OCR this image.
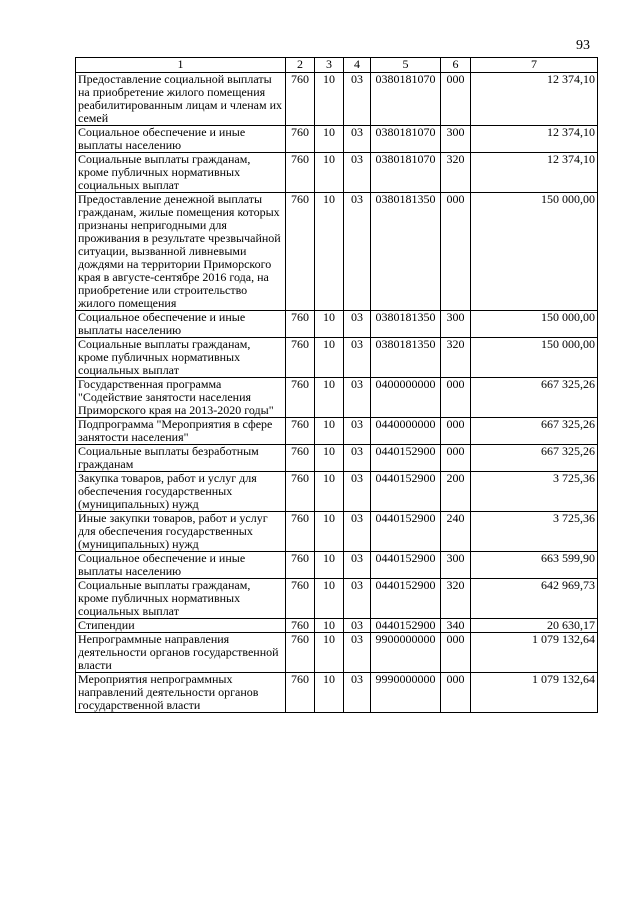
93
1	2	3	4	5	6	7
Предоставление социальной выплаты на приобретение жилого помещения реабилитированным лицам и членам их семей	760	10	03	0380181070	000	12 374,10
Социальное обеспечение и иные выплаты населению	760	10	03	0380181070	300	12 374,10
Социальные выплаты гражданам, кроме публичных нормативных социальных выплат	760	10	03	0380181070	320	12 374,10
Предоставление денежной выплаты гражданам, жилые помещения которых признаны непригодными для проживания в результате чрезвычайной ситуации, вызванной ливневыми дождями на территории Приморского края в августе-сентябре 2016 года, на приобретение или строительство жилого помещения	760	10	03	0380181350	000	150 000,00
Социальное обеспечение и иные выплаты населению	760	10	03	0380181350	300	150 000,00
Социальные выплаты гражданам, кроме публичных нормативных социальных выплат	760	10	03	0380181350	320	150 000,00
Государственная программа "Содействие занятости населения Приморского края на 2013-2020 годы"	760	10	03	0400000000	000	667 325,26
Подпрограмма "Мероприятия в сфере занятости населения"	760	10	03	0440000000	000	667 325,26
Социальные выплаты безработным гражданам	760	10	03	0440152900	000	667 325,26
Закупка товаров, работ и услуг для обеспечения государственных (муниципальных) нужд	760	10	03	0440152900	200	3 725,36
Иные закупки товаров, работ и услуг для обеспечения государственных (муниципальных) нужд	760	10	03	0440152900	240	3 725,36
Социальное обеспечение и иные выплаты населению	760	10	03	0440152900	300	663 599,90
Социальные выплаты гражданам, кроме публичных нормативных социальных выплат	760	10	03	0440152900	320	642 969,73
Стипендии	760	10	03	0440152900	340	20 630,17
Непрограммные направления деятельности органов государственной власти	760	10	03	9900000000	000	1 079 132,64
Мероприятия непрограммных направлений деятельности органов государственной власти	760	10	03	9990000000	000	1 079 132,64
